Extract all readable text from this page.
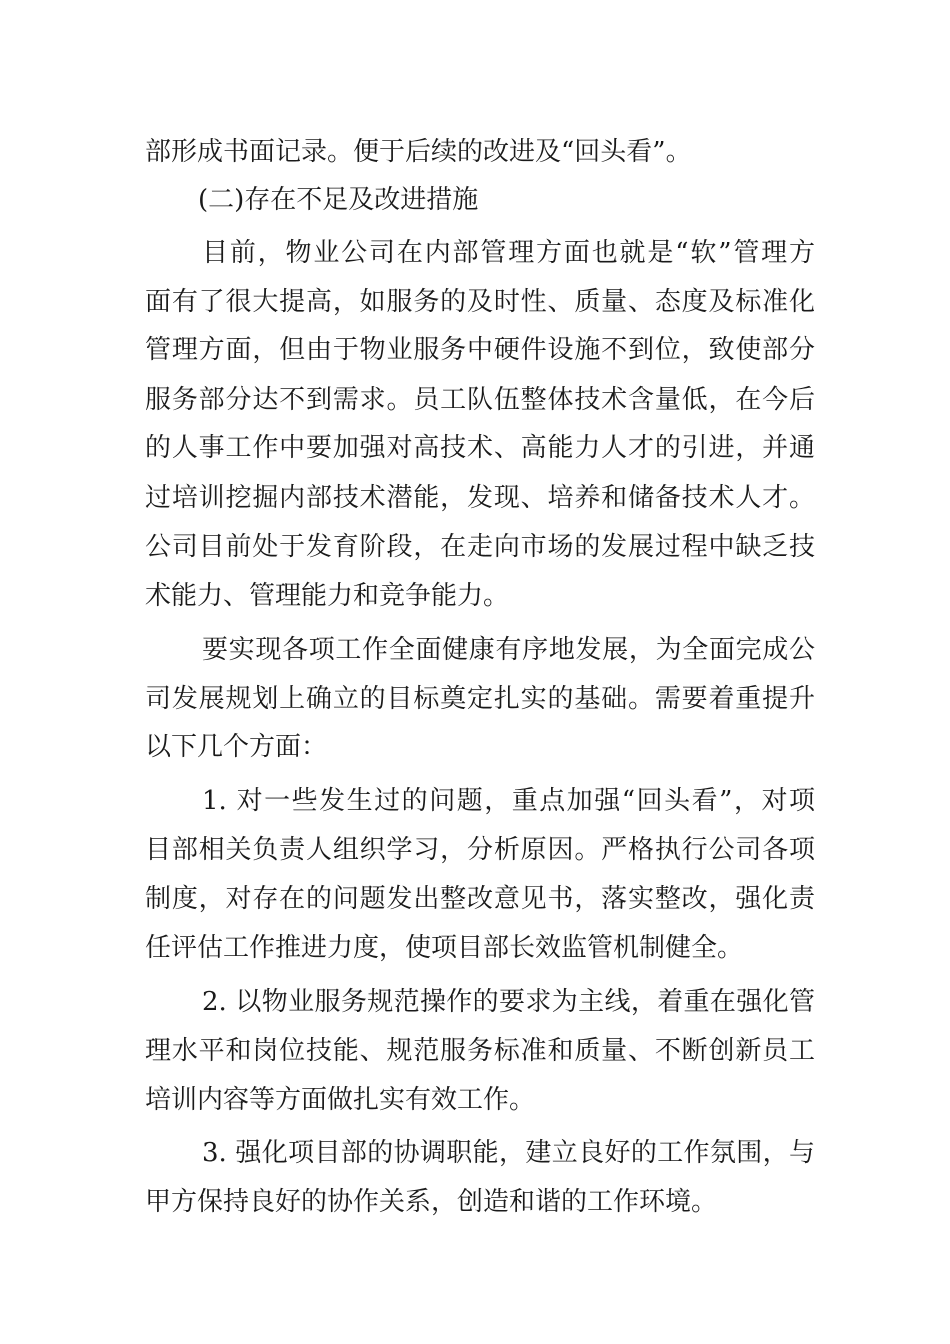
部形成书面记录。便于后续的改进及“回头看”。
(二)存在不足及改进措施
目前，物业公司在内部管理方面也就是“软”管理方
面有了很大提高，如服务的及时性、质量、态度及标准化
管理方面，但由于物业服务中硬件设施不到位，致使部分
服务部分达不到需求。员工队伍整体技术含量低，在今后
的人事工作中要加强对高技术、高能力人才的引进，并通
过培训挖掘内部技术潜能，发现、培养和储备技术人才。
公司目前处于发育阶段，在走向市场的发展过程中缺乏技
术能力、管理能力和竞争能力。
要实现各项工作全面健康有序地发展，为全面完成公
司发展规划上确立的目标奠定扎实的基础。需要着重提升
以下几个方面：
1. 对一些发生过的问题，重点加强“回头看”，对项
目部相关负责人组织学习，分析原因。严格执行公司各项
制度，对存在的问题发出整改意见书，落实整改，强化责
任评估工作推进力度，使项目部长效监管机制健全。
2. 以物业服务规范操作的要求为主线，着重在强化管
理水平和岗位技能、规范服务标准和质量、不断创新员工
培训内容等方面做扎实有效工作。
3. 强化项目部的协调职能，建立良好的工作氛围，与
甲方保持良好的协作关系，创造和谐的工作环境。
